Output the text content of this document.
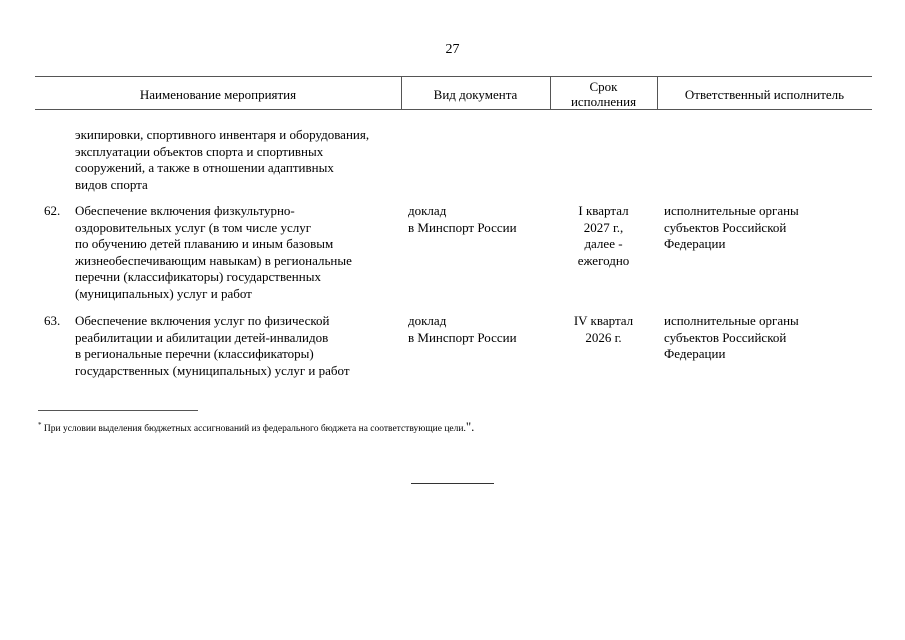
27
Наименование мероприятия	Вид документа
Срок
исполнения	Ответственный исполнитель
экипировки, спортивного инвентаря и оборудования,
эксплуатации объектов спорта и спортивных
сооружений, а также в отношении адаптивных
видов спорта
62. Обеспечение включения физкультурно-
оздоровительных услуг (в том числе услуг
по обучению детей плаванию и иным базовым
жизнеобеспечивающим навыкам) в региональные
перечни (классификаторы) государственных
(муниципальных) услуг и работ
доклад
в Минспорт России
I квартал
2027 г.,
далее -
ежегодно
исполнительные органы
субъектов Российской
Федерации
63. Обеспечение включения услуг по физической
реабилитации и абилитации детей-инвалидов
в региональные перечни (классификаторы)
государственных (муниципальных) услуг и работ
доклад
в Минспорт России
IV квартал
2026 г.
исполнительные органы
субъектов Российской
Федерации
* При условии выделения бюджетных ассигнований из федерального бюджета на соответствующие цели.".
